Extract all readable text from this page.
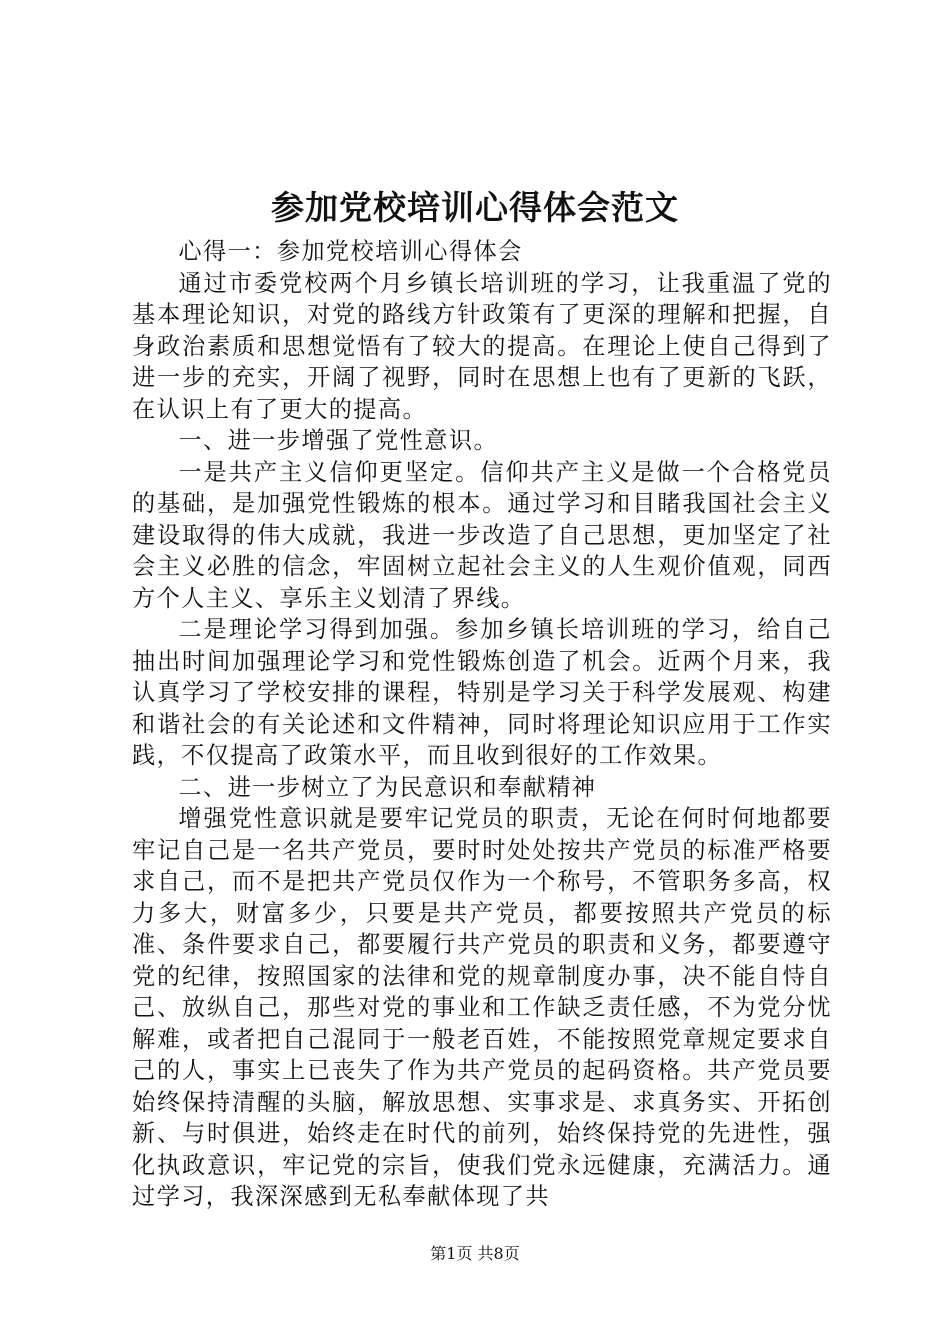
参加党校培训心得体会范文

心得一：参加党校培训心得体会

通过市委党校两个月乡镇长培训班的学习，让我重温了党的基本理论知识，对党的路线方针政策有了更深的理解和把握，自身政治素质和思想觉悟有了较大的提高。在理论上使自己得到了进一步的充实，开阔了视野，同时在思想上也有了更新的飞跃，在认识上有了更大的提高。

一、进一步增强了党性意识。

一是共产主义信仰更坚定。信仰共产主义是做一个合格党员的基础，是加强党性锻炼的根本。通过学习和目睹我国社会主义建设取得的伟大成就，我进一步改造了自己思想，更加坚定了社会主义必胜的信念，牢固树立起社会主义的人生观价值观，同西方个人主义、享乐主义划清了界线。

二是理论学习得到加强。参加乡镇长培训班的学习，给自己抽出时间加强理论学习和党性锻炼创造了机会。近两个月来，我认真学习了学校安排的课程，特别是学习关于科学发展观、构建和谐社会的有关论述和文件精神，同时将理论知识应用于工作实践，不仅提高了政策水平，而且收到很好的工作效果。

二、进一步树立了为民意识和奉献精神

增强党性意识就是要牢记党员的职责，无论在何时何地都要牢记自己是一名共产党员，要时时处处按共产党员的标准严格要求自己，而不是把共产党员仅作为一个称号，不管职务多高，权力多大，财富多少，只要是共产党员，都要按照共产党员的标准、条件要求自己，都要履行共产党员的职责和义务，都要遵守党的纪律，按照国家的法律和党的规章制度办事，决不能自恃自己、放纵自己，那些对党的事业和工作缺乏责任感，不为党分忧解难，或者把自己混同于一般老百姓，不能按照党章规定要求自己的人，事实上已丧失了作为共产党员的起码资格。共产党员要始终保持清醒的头脑，解放思想、实事求是、求真务实、开拓创新、与时俱进，始终走在时代的前列，始终保持党的先进性，强化执政意识，牢记党的宗旨，使我们党永远健康，充满活力。通过学习，我深深感到无私奉献体现了共

第1页 共8页
